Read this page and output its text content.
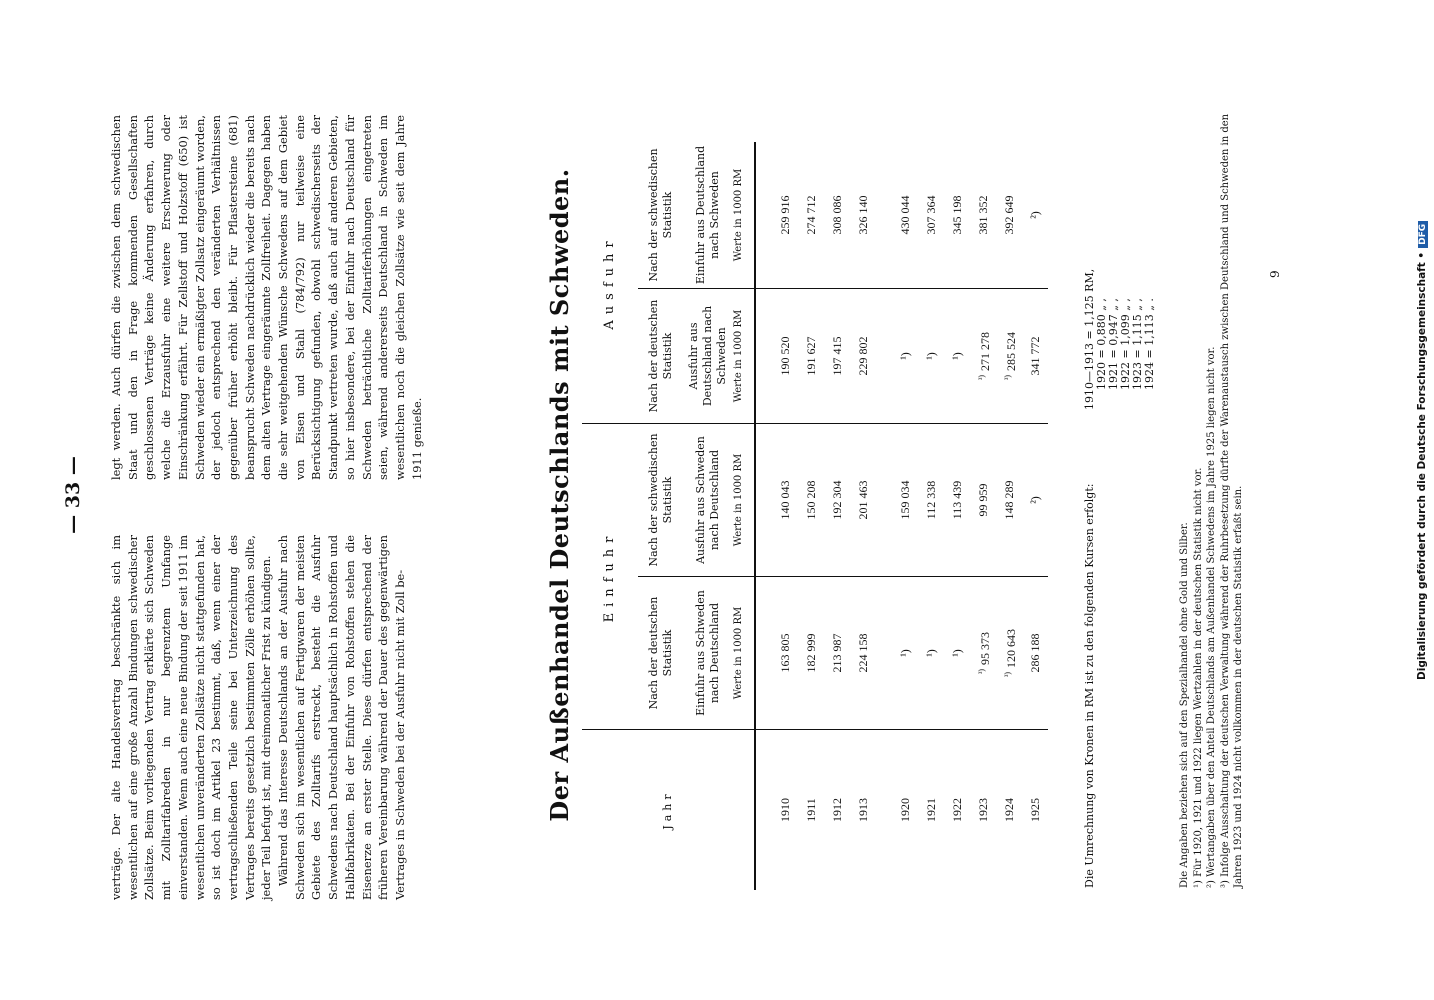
— 33 —

verträge. Der alte Handelsvertrag beschränkte sich im wesentlichen auf eine große Anzahl Bindungen schwedischer Zollsätze. Beim vorliegenden Vertrag erklärte sich Schweden mit Zolltarifabreden in nur begrenztem Umfange einverstanden. Wenn auch eine neue Bindung der seit 1911 im wesentlichen unveränderten Zollsätze nicht stattgefunden hat, so ist doch im Artikel 23 bestimmt, daß, wenn einer der vertragschließenden Teile seine bei Unterzeichnung des Vertrages bereits gesetzlich bestimmten Zölle erhöhen sollte, jeder Teil befugt ist, mit dreimonatlicher Frist zu kündigen. Während das Interesse Deutschlands an der Ausfuhr nach Schweden sich im wesentlichen auf Fertigwaren der meisten Gebiete des Zolltarifs erstreckt, besteht die Ausfuhr Schwedens nach Deutschland hauptsächlich in Rohstoffen und Halbfabrikaten. Bei der Einfuhr von Rohstoffen stehen die Eisenerze an erster Stelle. Diese dürfen entsprechend der früheren Vereinbarung während der Dauer des gegenwärtigen Vertrages in Schweden bei der Ausfuhr nicht mit Zoll be-

legt werden. Auch dürfen die zwischen dem schwedischen Staat und den in Frage kommenden Gesellschaften geschlossenen Verträge keine Änderung erfahren, durch welche die Erzausfuhr eine weitere Erschwerung oder Einschränkung erfährt. Für Zellstoff und Holzstoff (650) ist Schweden wieder ein ermäßigter Zollsatz eingeräumt worden, der jedoch entsprechend den veränderten Verhältnissen gegenüber früher erhöht bleibt. Für Pflastersteine (681) beansprucht Schweden nachdrücklich wieder die bereits nach dem alten Vertrage eingeräumte Zollfreiheit. Dagegen haben die sehr weitgehenden Wünsche Schwedens auf dem Gebiet von Eisen und Stahl (784/792) nur teilweise eine Berücksichtigung gefunden, obwohl schwedischerseits der Standpunkt vertreten wurde, daß auch auf anderen Gebieten, so hier insbesondere, bei der Einfuhr nach Deutschland für Schweden beträchtliche Zolltariferhöhungen eingetreten seien, während andererseits Deutschland in Schweden im wesentlichen noch die gleichen Zollsätze wie seit dem Jahre 1911 genieße.	Der Außenhandel Deutschlands mit Schweden.	Jahr	Einfuhr		Ausfuhr	
	Nach der deutschen Statistik	Nach der schwedischen Statistik	Nach der deutschen Statistik	Nach der schwedischen Statistik
	Einfuhr aus Schweden nach Deutschland	Ausfuhr aus Schweden nach Deutschland	Ausfuhr aus Deutschland nach Schweden	Einfuhr aus Deutschland nach Schweden
	Werte in 1000 RM	Werte in 1000 RM	Werte in 1000 RM	Werte in 1000 RM

1910	163 805	140 043	190 520	259 916
1911	182 999	150 208	191 627	274 712
1912	213 987	192 304	197 415	308 086
1913	224 158	201 463	229 802	326 140

1920	¹)	159 034	¹)	430 044
1921	¹)	112 338	¹)	307 364
1922	¹)	113 439	¹)	345 198
1923	$^{^3)}$95 373	99 959	$^{^3)}$271 278	381 352
1924	$^{^3)}$120 643	148 289	$^{^3)}$285 524	392 649
1925	286 188	²)	341 772	²)
Die Umrechnung von Kronen in RM ist zu den folgenden Kursen erfolgt:
1910—1913 = 1,125 RM, 1920 = 0,880 „ , 1921 = 0,947 „ , 1922 = 1,099 „ , 1923 = 1,115 „ , 1924 = 1,113 „ .
Die Angaben beziehen sich auf den Spezialhandel ohne Gold und Silber. ¹) Für 1920, 1921 und 1922 liegen Wertzahlen in der deutschen Statistik nicht vor. ²) Wertangaben über den Anteil Deutschlands am Außenhandel Schwedens im Jahre 1925 liegen nicht vor. ³) Infolge Ausschaltung der deutschen Verwaltung während der Ruhrbesetzung dürfte der Warenaustausch zwischen Deutschland und Schweden in den Jahren 1923 und 1924 nicht vollkommen in der deutschen Statistik erfaßt sein.
9	Digitalisierung gefördert durch die Deutsche Forschungsgemeinschaft •DFG
